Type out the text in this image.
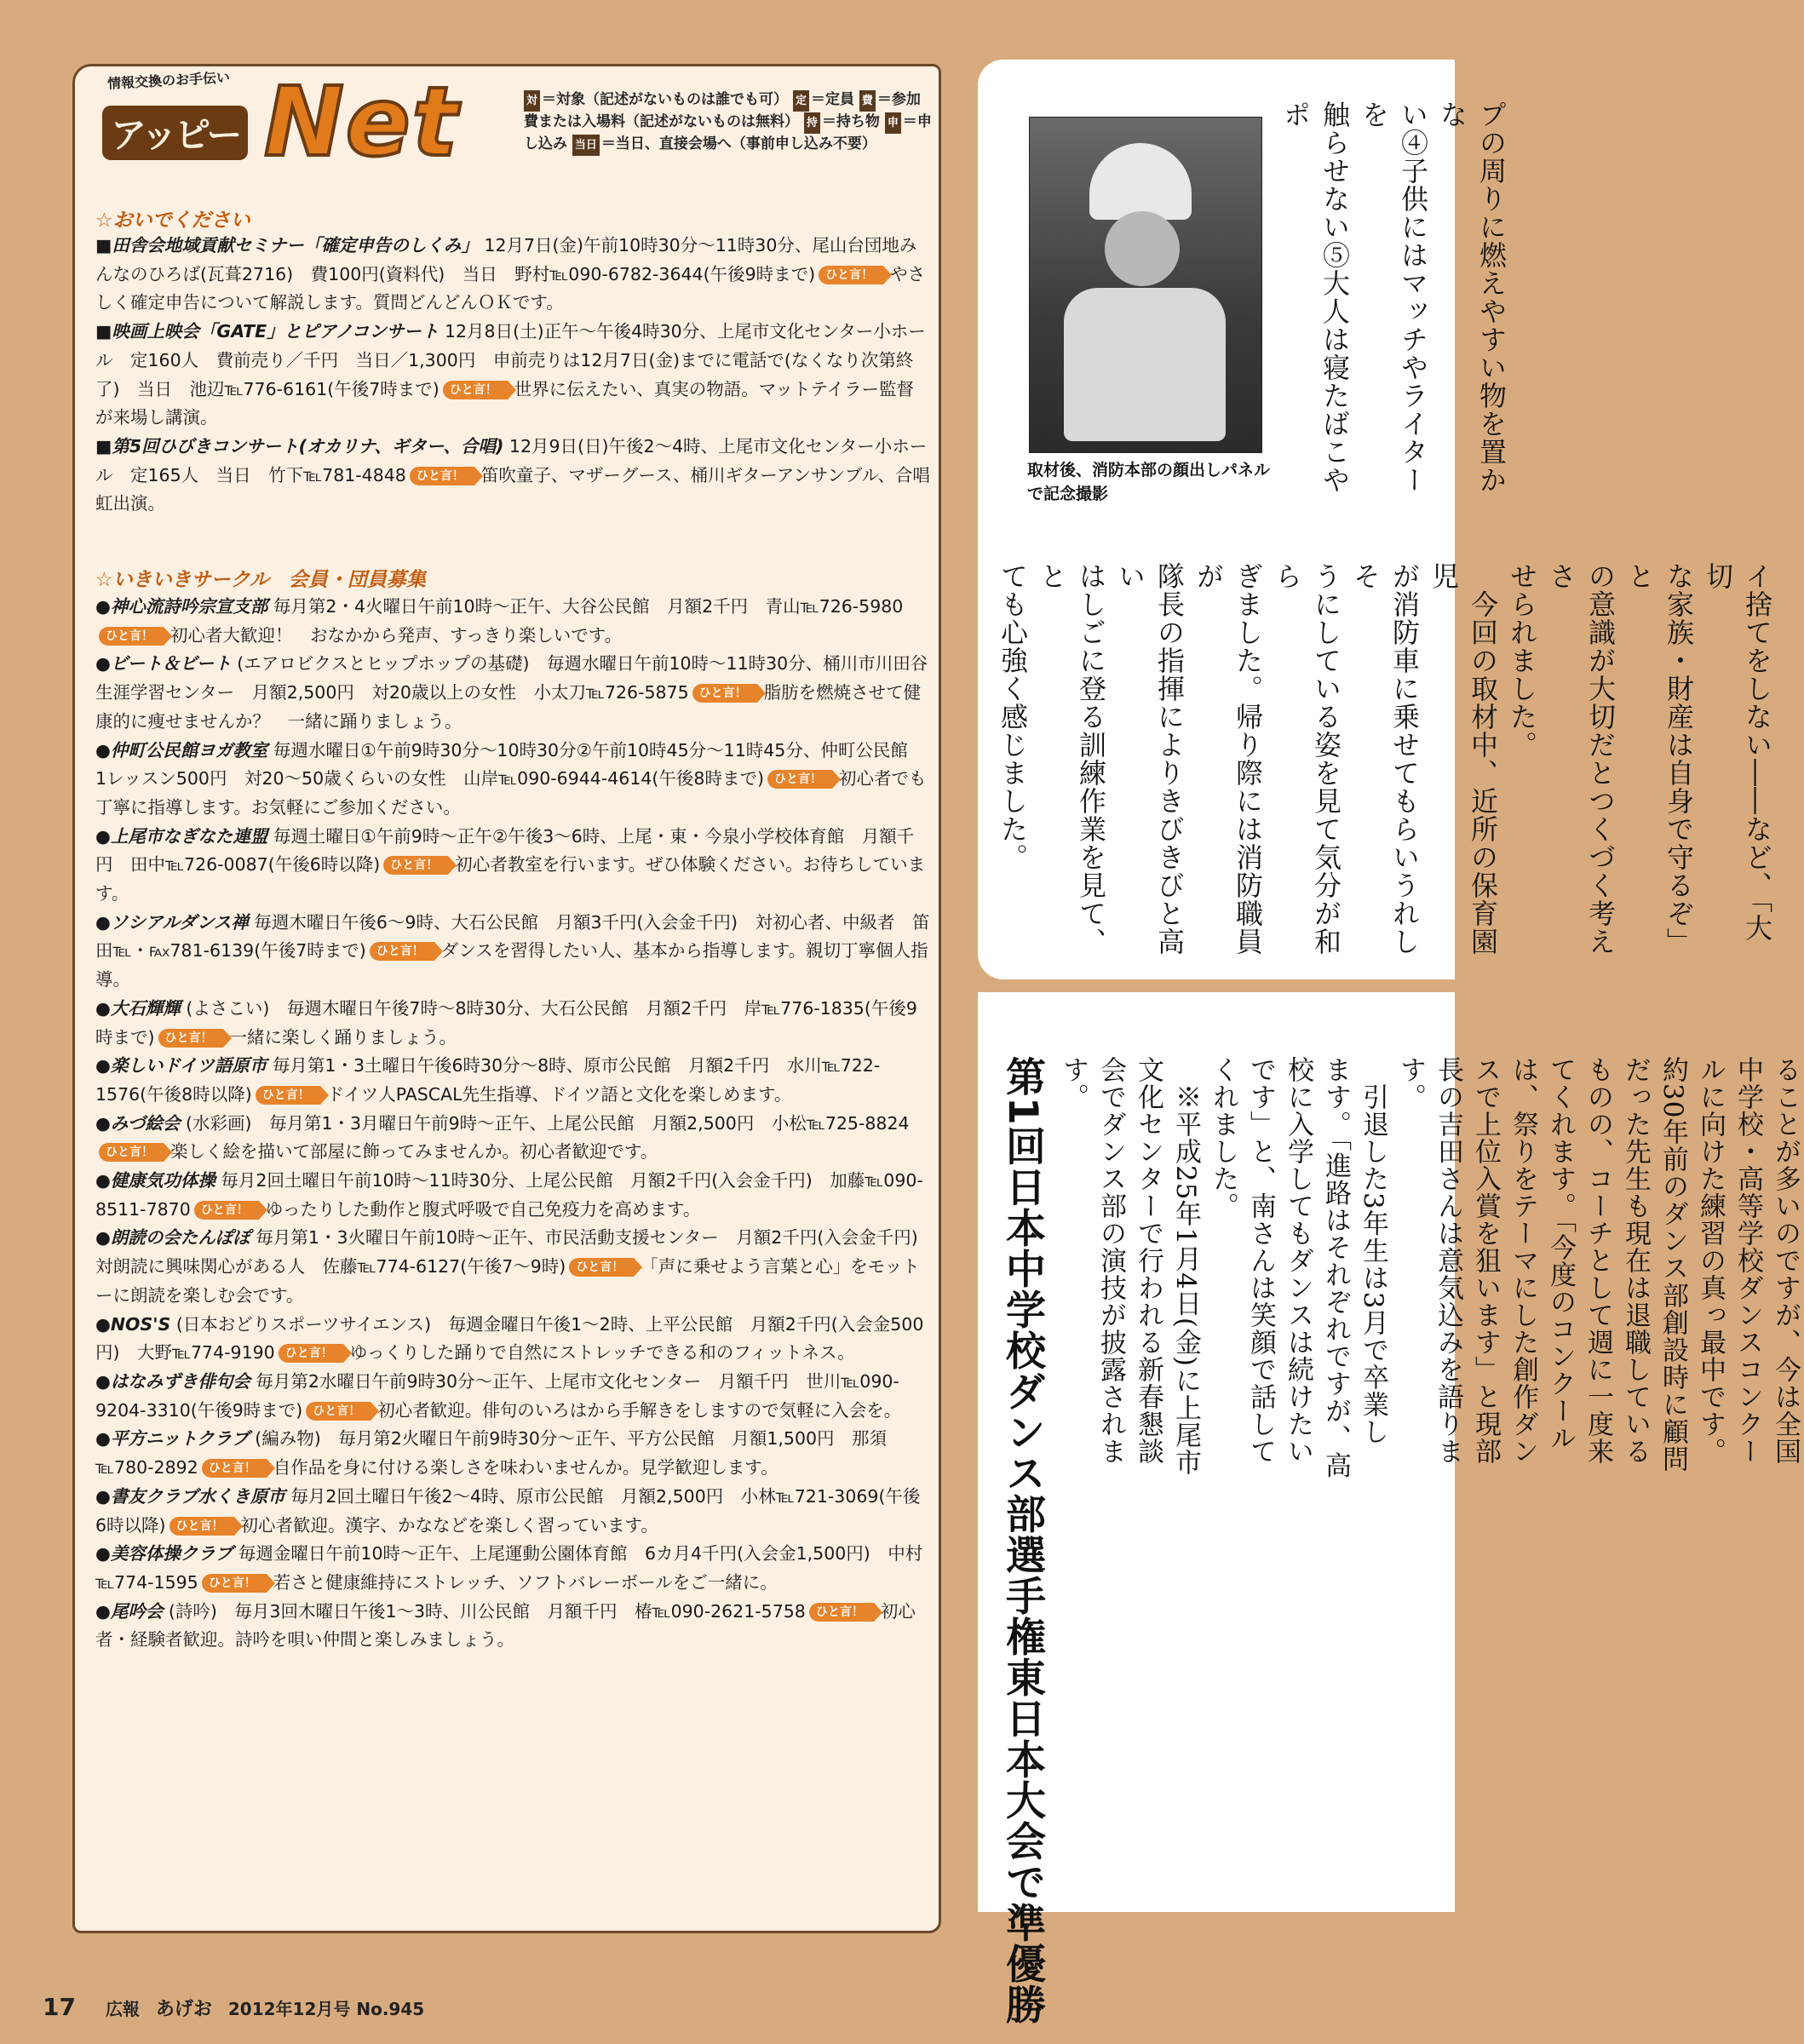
情報交換のお手伝い
アッピー Net	対 ＝対象（記述がないものは誰でも可） 定 ＝定員 費 ＝参加費または入場料（記述がないものは無料） 持 ＝持ち物 申 ＝申し込み 当日 ＝当日、直接会場へ（事前申し込み不要）
☆おいでください

■田舎会地域貢献セミナー「確定申告のしくみ」 12月7日(金)午前10時30分～11時30分、尾山台団地みんなのひろば(瓦葺2716)　費100円(資料代)　当日　野村℡090-6782-3644(午後9時まで) ひと言！ やさしく確定申告について解説します。質問どんどんＯＫです。

■映画上映会「GATE」とピアノコンサート 12月8日(土)正午～午後4時30分、上尾市文化センター小ホール　定160人　費前売り／千円　当日／1,300円　申前売りは12月7日(金)までに電話で(なくなり次第終了)　当日　池辺℡776-6161(午後7時まで) ひと言！ 世界に伝えたい、真実の物語。マットテイラー監督が来場し講演。

■第5回ひびきコンサート(オカリナ、ギター、合唱) 12月9日(日)午後2～4時、上尾市文化センター小ホール　定165人　当日　竹下℡781-4848 ひと言！ 笛吹童子、マザーグース、桶川ギターアンサンブル、合唱虹出演。

☆いきいきサークル　会員・団員募集

●神心流詩吟宗宣支部 毎月第2・4火曜日午前10時～正午、大谷公民館　月額2千円　青山℡726-5980ひと言！ 初心者大歓迎！　おなかから発声、すっきり楽しいです。

●ビート＆ビート (エアロビクスとヒップホップの基礎)　毎週水曜日午前10時～11時30分、桶川市川田谷生涯学習センター　月額2,500円　対20歳以上の女性　小太刀℡726-5875 ひと言！ 脂肪を燃焼させて健康的に痩せませんか？　一緒に踊りましょう。

●仲町公民館ヨガ教室 毎週水曜日①午前9時30分～10時30分②午前10時45分～11時45分、仲町公民館　1レッスン500円　対20～50歳くらいの女性　山岸℡090-6944-4614(午後8時まで) ひと言！ 初心者でも丁寧に指導します。お気軽にご参加ください。

●上尾市なぎなた連盟 毎週土曜日①午前9時～正午②午後3～6時、上尾・東・今泉小学校体育館　月額千円　田中℡726-0087(午後6時以降) ひと言！ 初心者教室を行います。ぜひ体験ください。お待ちしています。

●ソシアルダンス禅 毎週木曜日午後6～9時、大石公民館　月額3千円(入会金千円)　対初心者、中級者　笛田℡・℻781-6139(午後7時まで) ひと言！ ダンスを習得したい人、基本から指導します。親切丁寧個人指導。

●大石輝輝 (よさこい)　毎週木曜日午後7時～8時30分、大石公民館　月額2千円　岸℡776-1835(午後9時まで) ひと言！ 一緒に楽しく踊りましょう。

●楽しいドイツ語原市 毎月第1・3土曜日午後6時30分～8時、原市公民館　月額2千円　水川℡722-1576(午後8時以降) ひと言！ ドイツ人PASCAL先生指導、ドイツ語と文化を楽しめます。

●みづ絵会 (水彩画)　毎月第1・3月曜日午前9時～正午、上尾公民館　月額2,500円　小松℡725-8824ひと言！ 楽しく絵を描いて部屋に飾ってみませんか。初心者歓迎です。

●健康気功体操 毎月2回土曜日午前10時～11時30分、上尾公民館　月額2千円(入会金千円)　加藤℡090-8511-7870 ひと言！ ゆったりした動作と腹式呼吸で自己免疫力を高めます。

●朗読の会たんぽぽ 毎月第1・3火曜日午前10時～正午、市民活動支援センター　月額2千円(入会金千円)　対朗読に興味関心がある人　佐藤℡774-6127(午後7～9時) ひと言！ 「声に乗せよう言葉と心」をモットーに朗読を楽しむ会です。

●NOS'S (日本おどりスポーツサイエンス)　毎週金曜日午後1～2時、上平公民館　月額2千円(入会金500円)　大野℡774-9190 ひと言！ ゆっくりした踊りで自然にストレッチできる和のフィットネス。

●はなみずき俳句会 毎月第2水曜日午前9時30分～正午、上尾市文化センター　月額千円　世川℡090-9204-3310(午後9時まで) ひと言！ 初心者歓迎。俳句のいろはから手解きをしますので気軽に入会を。

●平方ニットクラブ (編み物)　毎月第2火曜日午前9時30分～正午、平方公民館　月額1,500円　那須℡780-2892 ひと言！ 自作品を身に付ける楽しさを味わいませんか。見学歓迎します。

●書友クラブ水くき原市 毎月2回土曜日午後2～4時、原市公民館　月額2,500円　小林℡721-3069(午後6時以降) ひと言！ 初心者歓迎。漢字、かななどを楽しく習っています。

●美容体操クラブ 毎週金曜日午前10時～正午、上尾運動公園体育館　6カ月4千円(入会金1,500円)　中村℡774-1595 ひと言！ 若さと健康維持にストレッチ、ソフトバレーボールをご一緒に。

●尾吟会 (詩吟)　毎月3回木曜日午後1～3時、川公民館　月額千円　椿℡090-2621-5758 ひと言！ 初心者・経験者歓迎。詩吟を唄い仲間と楽しみましょう。

取材後、消防本部の顔出しパネルで記念撮影	プの周りに燃えやすい物を置かな
い④子供にはマッチやライターを
触らせない⑤大人は寝たばこやポ
イ捨てをしない――など、「大切
な家族・財産は自身で守るぞ」と
の意識が大切だとつくづく考えさ
せられました。
　今回の取材中、近所の保育園児
が消防車に乗せてもらいうれしそ
うにしている姿を見て気分が和ら
ぎました。帰り際には消防職員が
隊長の指揮によりきびきびと高い
はしごに登る訓練作業を見て、と
ても心強く感じました。
第1回日本中学校ダンス部選手権東日本大会で準優勝	ることが多いのですが、今は全国
中学校・高等学校ダンスコンクー
ルに向けた練習の真っ最中です。
約30年前のダンス部創設時に顧問
だった先生も現在は退職している
ものの、コーチとして週に一度来
てくれます。「今度のコンクール
は、祭りをテーマにした創作ダン
スで上位入賞を狙います」と現部
長の吉田さんは意気込みを語りま
す。
　引退した3年生は3月で卒業し
ます。「進路はそれぞれですが、高
校に入学してもダンスは続けたい
です」と、南さんは笑顔で話して
くれました。
　※平成25年1月4日(金)に上尾市
文化センターで行われる新春懇談
会でダンス部の演技が披露されま
す。
17 広報 あげお 2012年12月号 No.945
